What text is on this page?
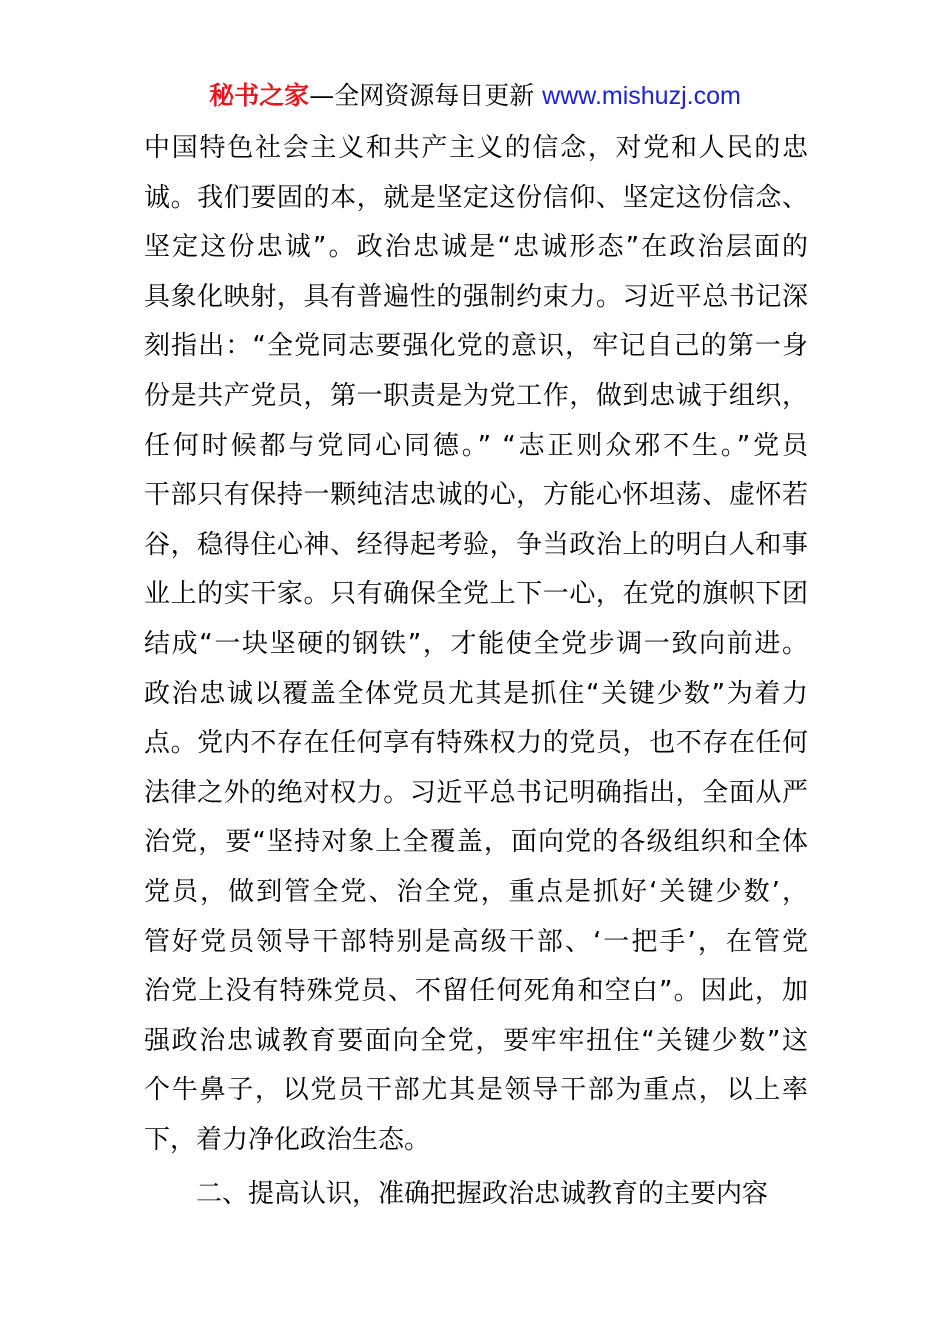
秘书之家—全网资源每日更新 www.mishuzj.com
中国特色社会主义和共产主义的信念，对党和人民的忠
诚。我们要固的本，就是坚定这份信仰、坚定这份信念、
坚定这份忠诚”。政治忠诚是“忠诚形态”在政治层面的
具象化映射，具有普遍性的强制约束力。习近平总书记深
刻指出：“全党同志要强化党的意识，牢记自己的第一身
份是共产党员，第一职责是为党工作，做到忠诚于组织，
任何时候都与党同心同德。” “志正则众邪不生。”党员
干部只有保持一颗纯洁忠诚的心，方能心怀坦荡、虚怀若
谷，稳得住心神、经得起考验，争当政治上的明白人和事
业上的实干家。只有确保全党上下一心，在党的旗帜下团
结成“一块坚硬的钢铁”，才能使全党步调一致向前进。
政治忠诚以覆盖全体党员尤其是抓住“关键少数”为着力
点。党内不存在任何享有特殊权力的党员，也不存在任何
法律之外的绝对权力。习近平总书记明确指出，全面从严
治党，要“坚持对象上全覆盖，面向党的各级组织和全体
党员，做到管全党、治全党，重点是抓好‘关键少数’，
管好党员领导干部特别是高级干部、‘一把手’，在管党
治党上没有特殊党员、不留任何死角和空白”。因此，加
强政治忠诚教育要面向全党，要牢牢扭住“关键少数”这
个牛鼻子，以党员干部尤其是领导干部为重点，以上率
下，着力净化政治生态。
二、提高认识，准确把握政治忠诚教育的主要内容
